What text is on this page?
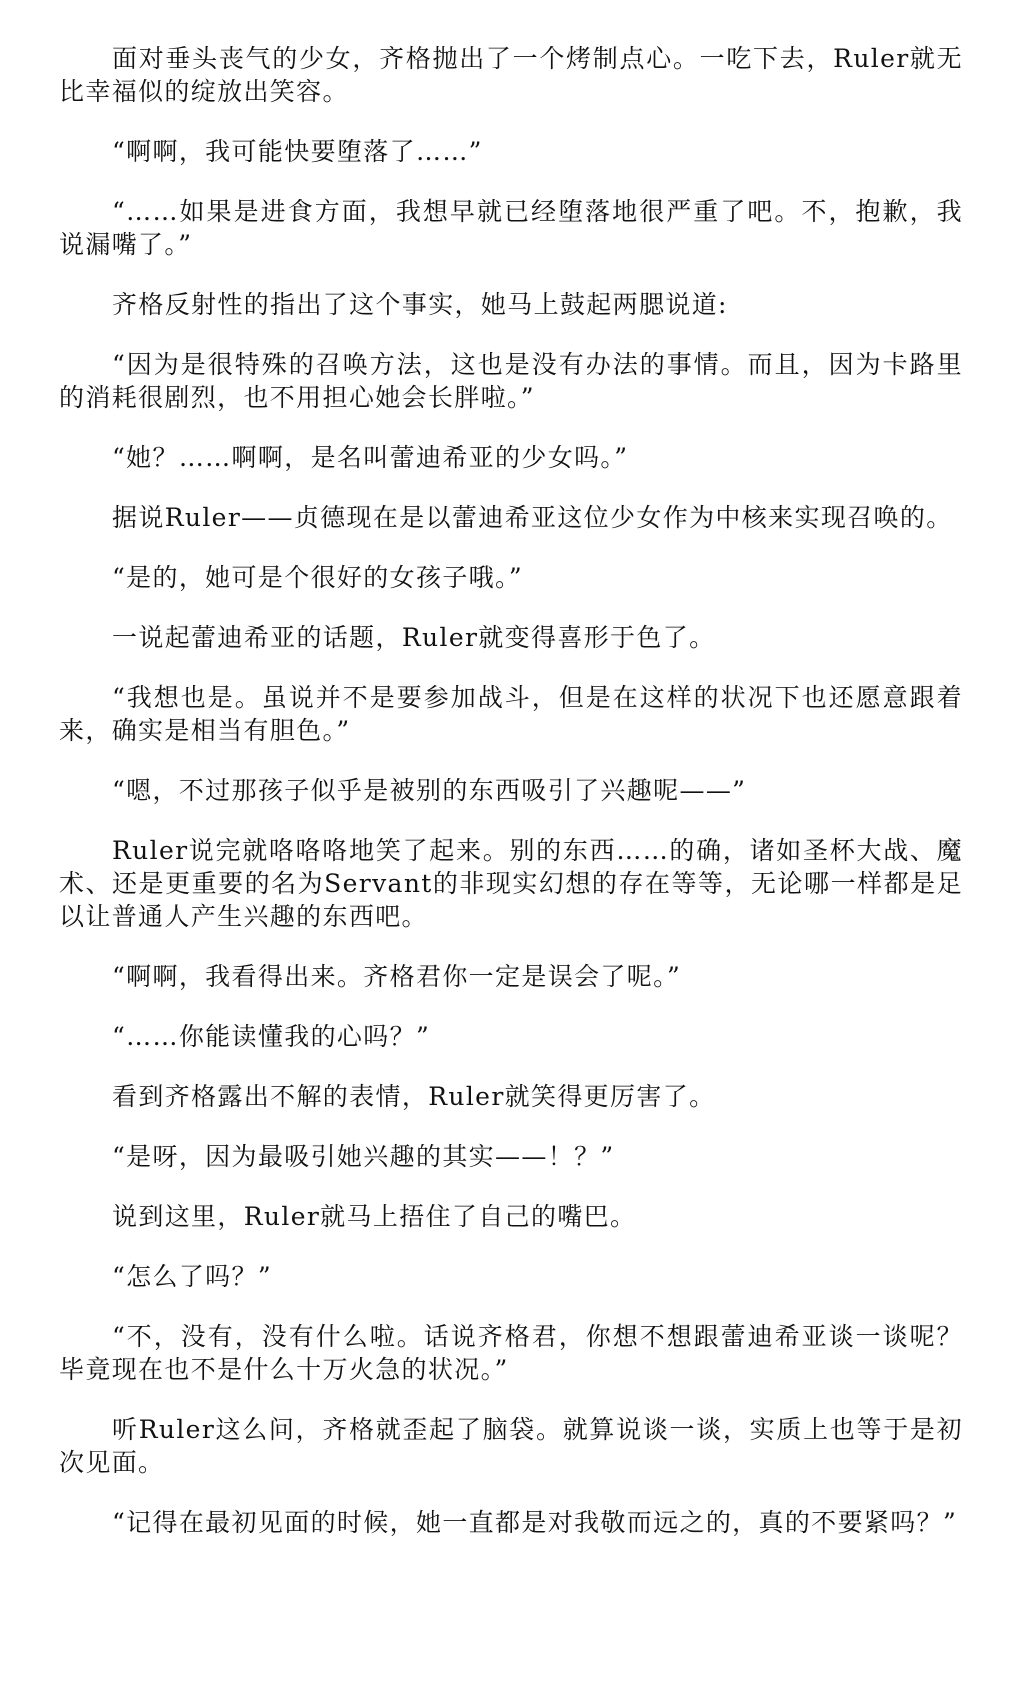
面对垂头丧气的少女，齐格抛出了一个烤制点心。一吃下去，Ruler就无比幸福似的绽放出笑容。

“啊啊，我可能快要堕落了……”

“……如果是进食方面，我想早就已经堕落地很严重了吧。不，抱歉，我说漏嘴了。”

齐格反射性的指出了这个事实，她马上鼓起两腮说道:

“因为是很特殊的召唤方法，这也是没有办法的事情。而且，因为卡路里的消耗很剧烈，也不用担心她会长胖啦。”

“她？……啊啊，是名叫蕾迪希亚的少女吗。”

据说Ruler——贞德现在是以蕾迪希亚这位少女作为中核来实现召唤的。

“是的，她可是个很好的女孩子哦。”

一说起蕾迪希亚的话题，Ruler就变得喜形于色了。

“我想也是。虽说并不是要参加战斗，但是在这样的状况下也还愿意跟着来，确实是相当有胆色。”

“嗯，不过那孩子似乎是被别的东西吸引了兴趣呢——”

Ruler说完就咯咯咯地笑了起来。别的东西……的确，诸如圣杯大战、魔术、还是更重要的名为Servant的非现实幻想的存在等等，无论哪一样都是足以让普通人产生兴趣的东西吧。

“啊啊，我看得出来。齐格君你一定是误会了呢。”

“……你能读懂我的心吗？”

看到齐格露出不解的表情，Ruler就笑得更厉害了。

“是呀，因为最吸引她兴趣的其实——！？”

说到这里，Ruler就马上捂住了自己的嘴巴。

“怎么了吗？”

“不，没有，没有什么啦。话说齐格君，你想不想跟蕾迪希亚谈一谈呢？毕竟现在也不是什么十万火急的状况。”

听Ruler这么问，齐格就歪起了脑袋。就算说谈一谈，实质上也等于是初次见面。

“记得在最初见面的时候，她一直都是对我敬而远之的，真的不要紧吗？”
